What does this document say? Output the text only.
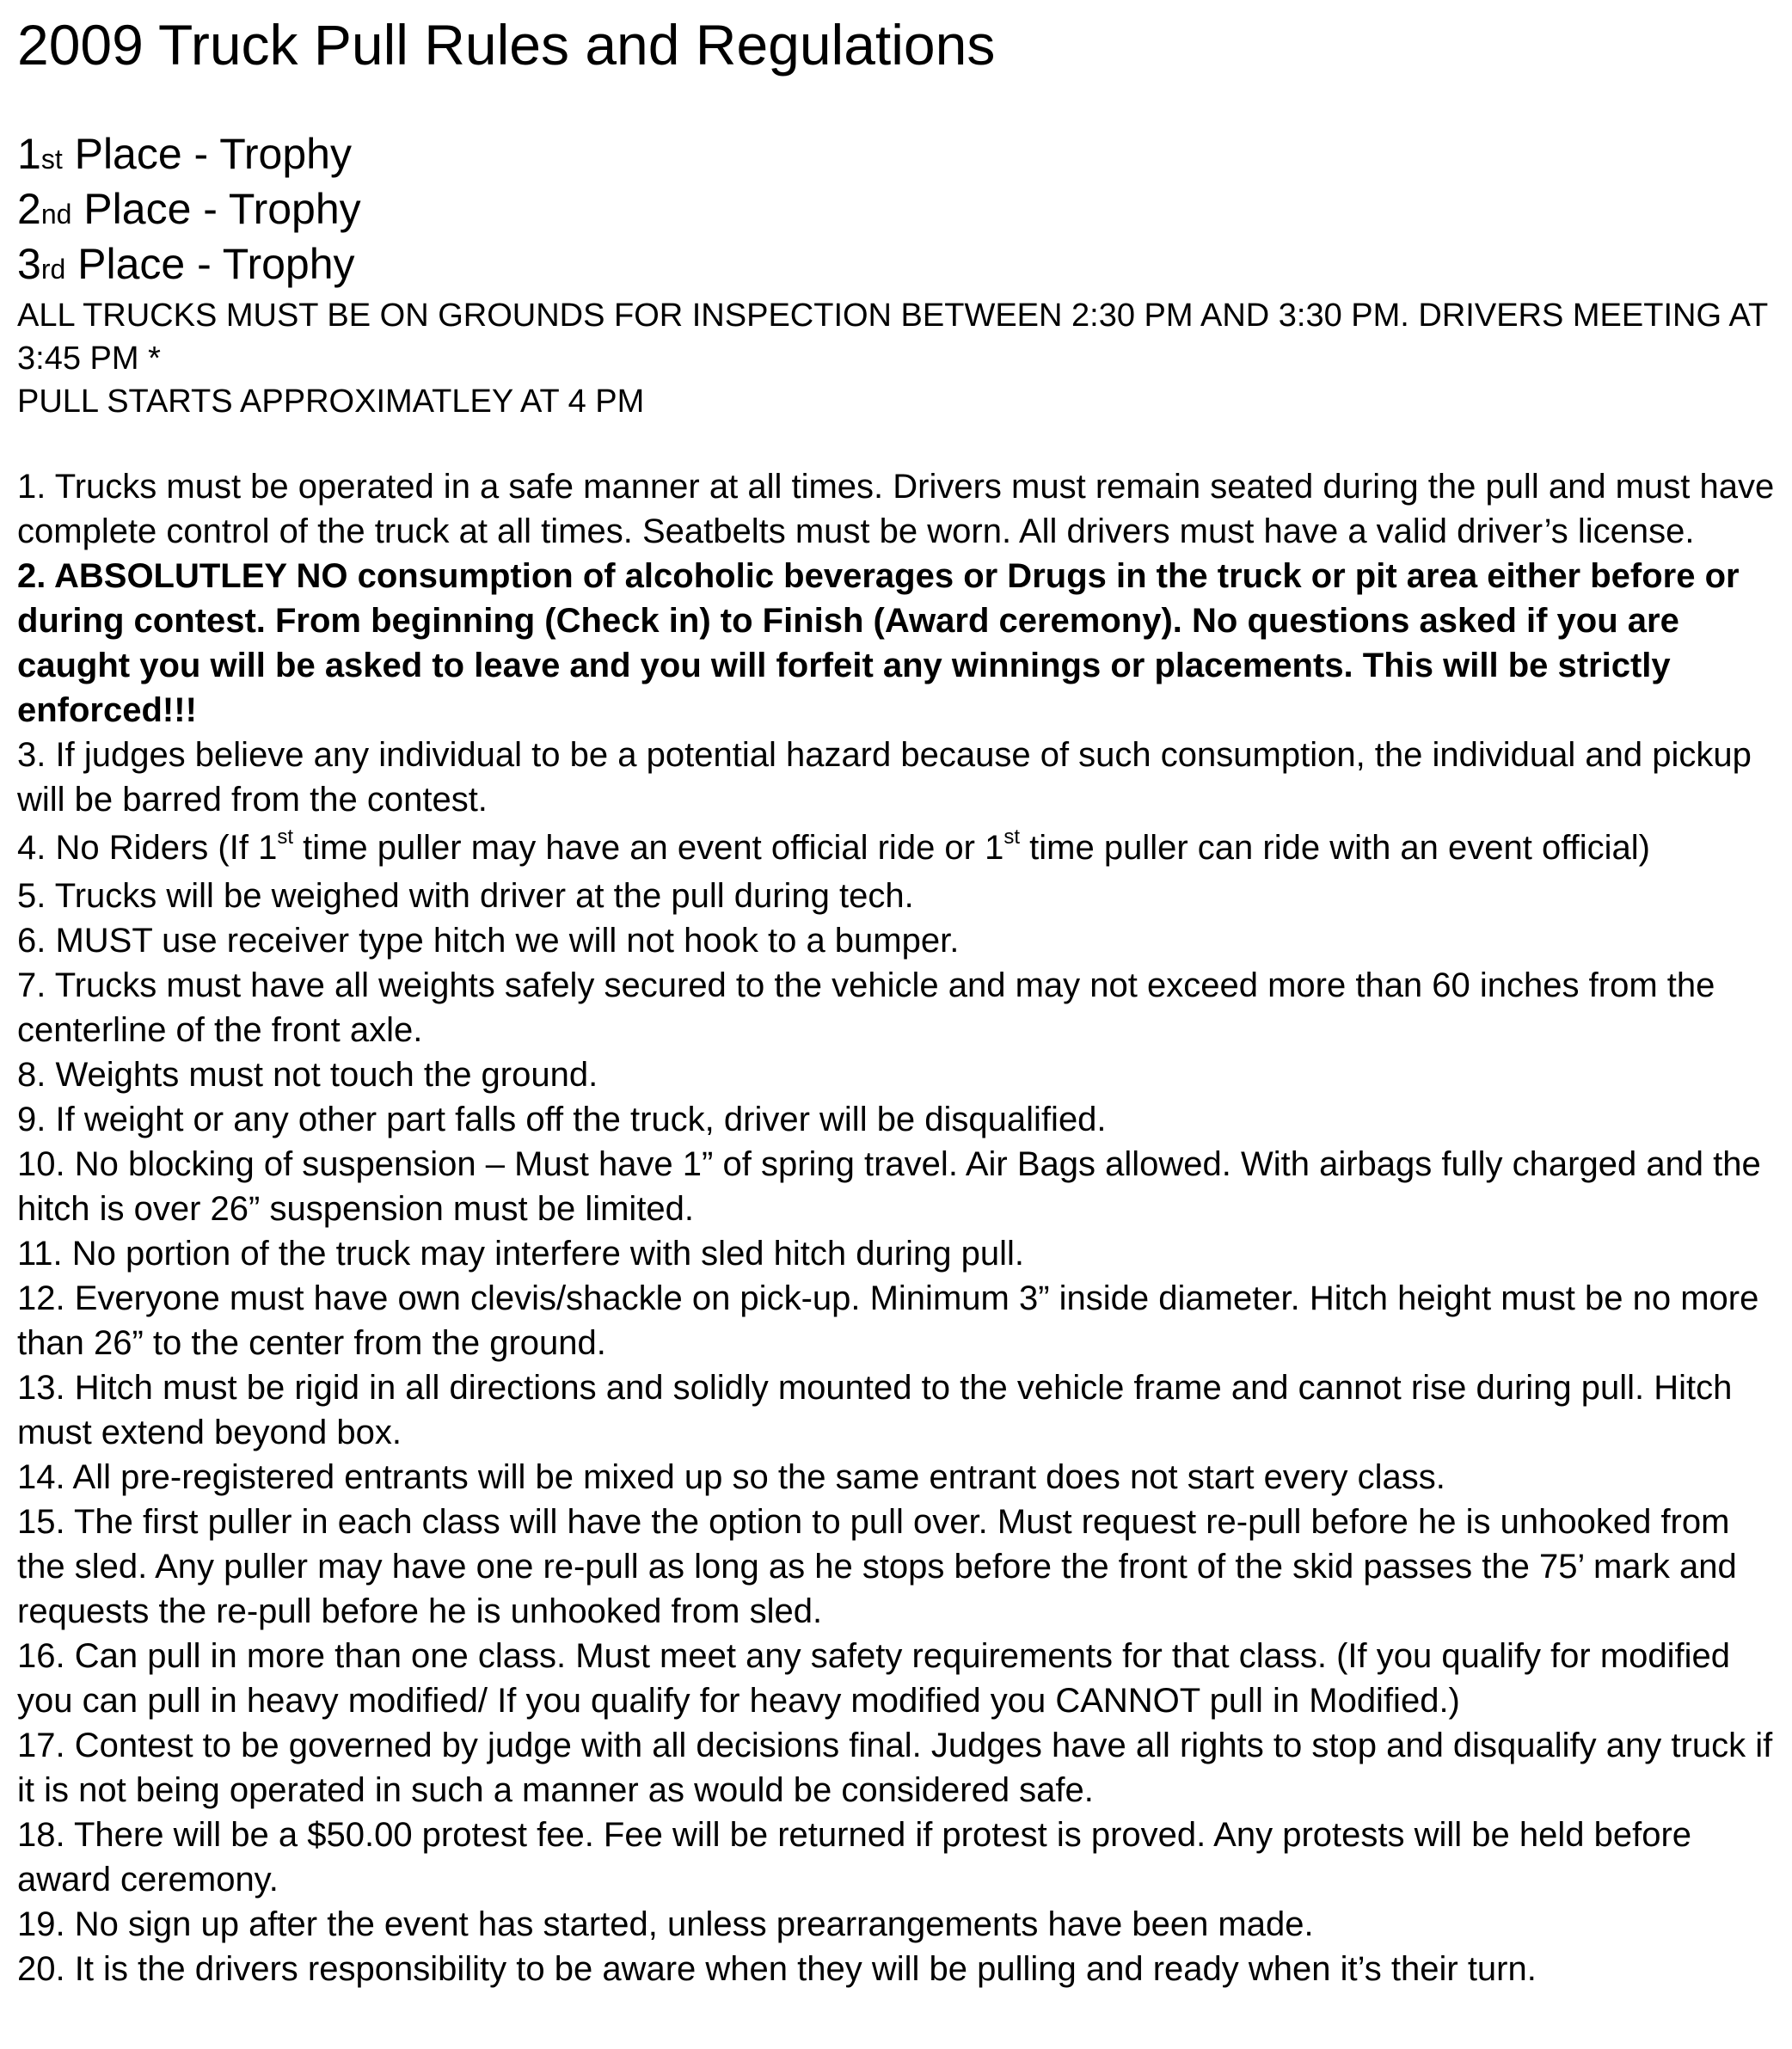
2009 Truck Pull Rules and Regulations

1st Place - Trophy

2nd Place - Trophy

3rd Place - Trophy

ALL TRUCKS MUST BE ON GROUNDS FOR INSPECTION BETWEEN 2:30 PM AND 3:30 PM. DRIVERS MEETING AT 3:45 PM *

PULL STARTS APPROXIMATLEY AT 4 PM

1. Trucks must be operated in a safe manner at all times. Drivers must remain seated during the pull and must have complete control of the truck at all times. Seatbelts must be worn. All drivers must have a valid driver’s license.

2. ABSOLUTLEY NO consumption of alcoholic beverages or Drugs in the truck or pit area either before or during contest. From beginning (Check in) to Finish (Award ceremony). No questions asked if you are caught you will be asked to leave and you will forfeit any winnings or placements. This will be strictly enforced!!!

3. If judges believe any individual to be a potential hazard because of such consumption, the individual and pickup will be barred from the contest.

4. No Riders (If 1st time puller may have an event official ride or 1st time puller can ride with an event official)

5. Trucks will be weighed with driver at the pull during tech.

6. MUST use receiver type hitch we will not hook to a bumper.

7. Trucks must have all weights safely secured to the vehicle and may not exceed more than 60 inches from the centerline of the front axle.

8. Weights must not touch the ground.

9. If weight or any other part falls off the truck, driver will be disqualified.

10. No blocking of suspension – Must have 1” of spring travel. Air Bags allowed. With airbags fully charged and the hitch is over 26” suspension must be limited.

11. No portion of the truck may interfere with sled hitch during pull.

12. Everyone must have own clevis/shackle on pick-up. Minimum 3” inside diameter. Hitch height must be no more than 26” to the center from the ground.

13. Hitch must be rigid in all directions and solidly mounted to the vehicle frame and cannot rise during pull. Hitch must extend beyond box.

14. All pre-registered entrants will be mixed up so the same entrant does not start every class.

15. The first puller in each class will have the option to pull over. Must request re-pull before he is unhooked from the sled. Any puller may have one re-pull as long as he stops before the front of the skid passes the 75’ mark and requests the re-pull before he is unhooked from sled.

16. Can pull in more than one class. Must meet any safety requirements for that class. (If you qualify for modified you can pull in heavy modified/ If you qualify for heavy modified you CANNOT pull in Modified.)

17. Contest to be governed by judge with all decisions final. Judges have all rights to stop and disqualify any truck if it is not being operated in such a manner as would be considered safe.

18. There will be a $50.00 protest fee. Fee will be returned if protest is proved. Any protests will be held before award ceremony.

19. No sign up after the event has started, unless prearrangements have been made.

20. It is the drivers responsibility to be aware when they will be pulling and ready when it’s their turn.
